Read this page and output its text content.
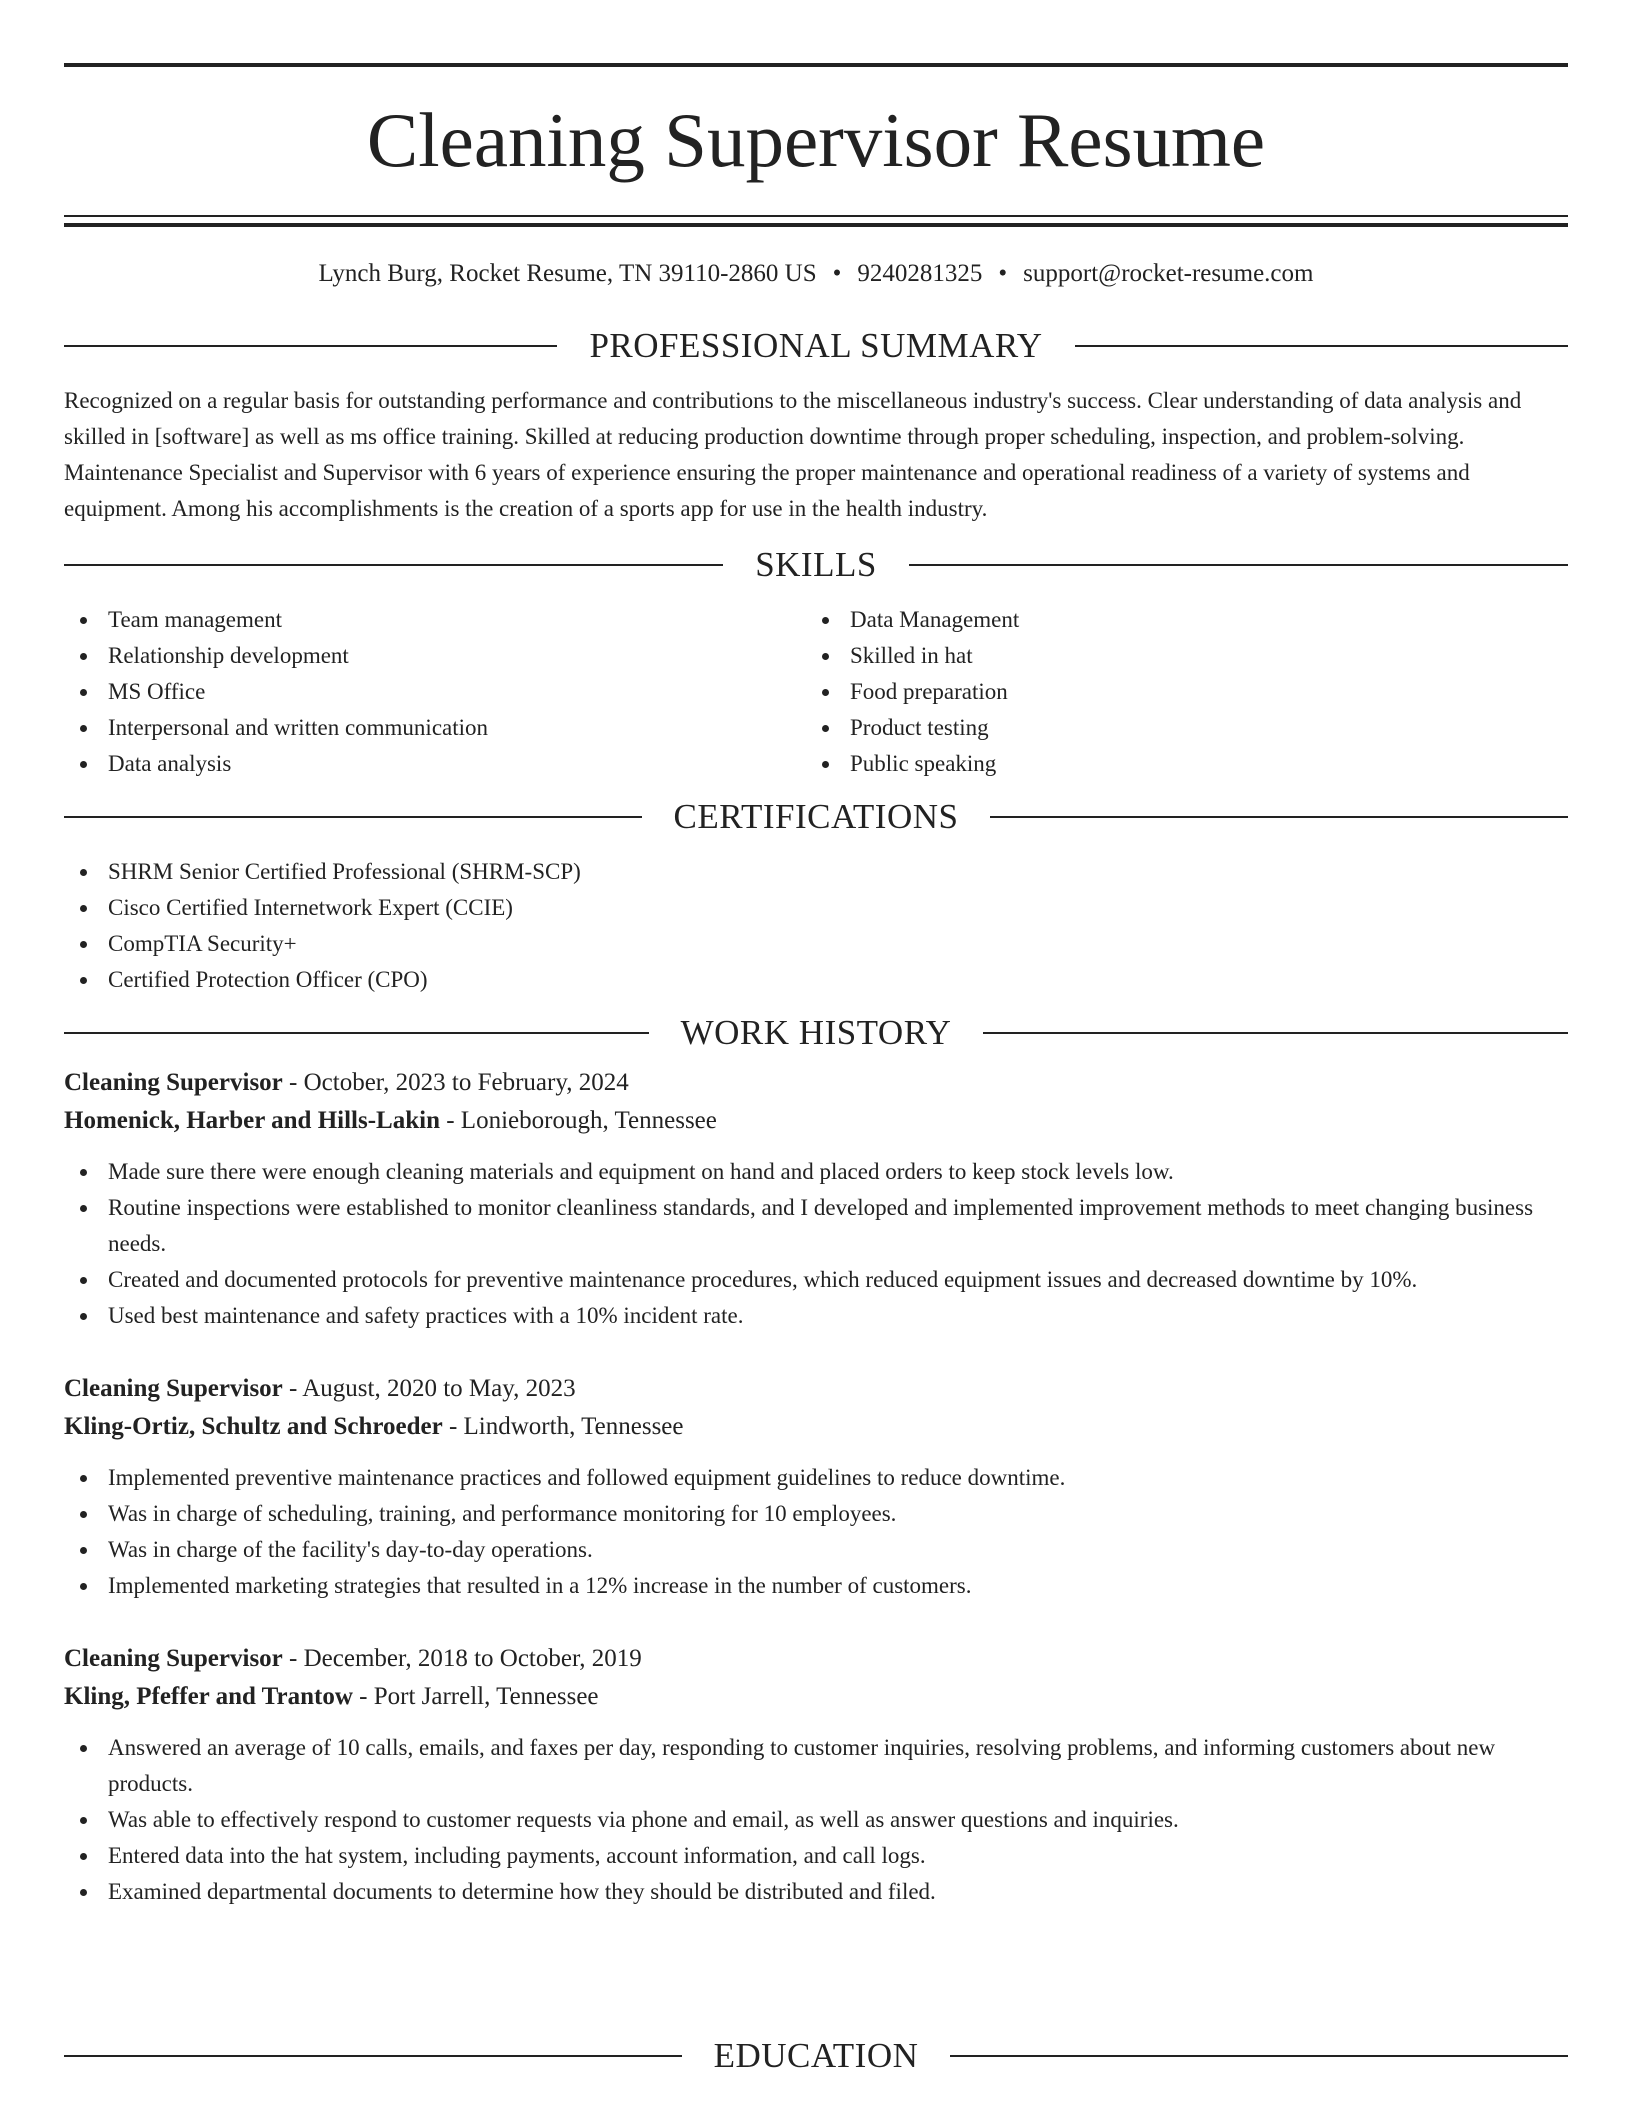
Cleaning Supervisor Resume
Lynch Burg, Rocket Resume, TN 39110-2860 US • 9240281325 • support@rocket-resume.com
PROFESSIONAL SUMMARY

Recognized on a regular basis for outstanding performance and contributions to the miscellaneous industry's success. Clear understanding of data analysis and skilled in [software] as well as ms office training. Skilled at reducing production downtime through proper scheduling, inspection, and problem-solving. Maintenance Specialist and Supervisor with 6 years of experience ensuring the proper maintenance and operational readiness of a variety of systems and equipment. Among his accomplishments is the creation of a sports app for use in the health industry.

SKILLS
Team management
Relationship development
MS Office
Interpersonal and written communication
Data analysis
Data Management
Skilled in hat
Food preparation
Product testing
Public speaking
CERTIFICATIONS
SHRM Senior Certified Professional (SHRM-SCP)
Cisco Certified Internetwork Expert (CCIE)
CompTIA Security+
Certified Protection Officer (CPO)
WORK HISTORY
Cleaning Supervisor - October, 2023 to February, 2024
Homenick, Harber and Hills-Lakin - Lonieborough, Tennessee
Made sure there were enough cleaning materials and equipment on hand and placed orders to keep stock levels low.
Routine inspections were established to monitor cleanliness standards, and I developed and implemented improvement methods to meet changing business needs.
Created and documented protocols for preventive maintenance procedures, which reduced equipment issues and decreased downtime by 10%.
Used best maintenance and safety practices with a 10% incident rate.
Cleaning Supervisor - August, 2020 to May, 2023
Kling-Ortiz, Schultz and Schroeder - Lindworth, Tennessee
Implemented preventive maintenance practices and followed equipment guidelines to reduce downtime.
Was in charge of scheduling, training, and performance monitoring for 10 employees.
Was in charge of the facility's day-to-day operations.
Implemented marketing strategies that resulted in a 12% increase in the number of customers.
Cleaning Supervisor - December, 2018 to October, 2019
Kling, Pfeffer and Trantow - Port Jarrell, Tennessee
Answered an average of 10 calls, emails, and faxes per day, responding to customer inquiries, resolving problems, and informing customers about new products.
Was able to effectively respond to customer requests via phone and email, as well as answer questions and inquiries.
Entered data into the hat system, including payments, account information, and call logs.
Examined departmental documents to determine how they should be distributed and filed.
EDUCATION
